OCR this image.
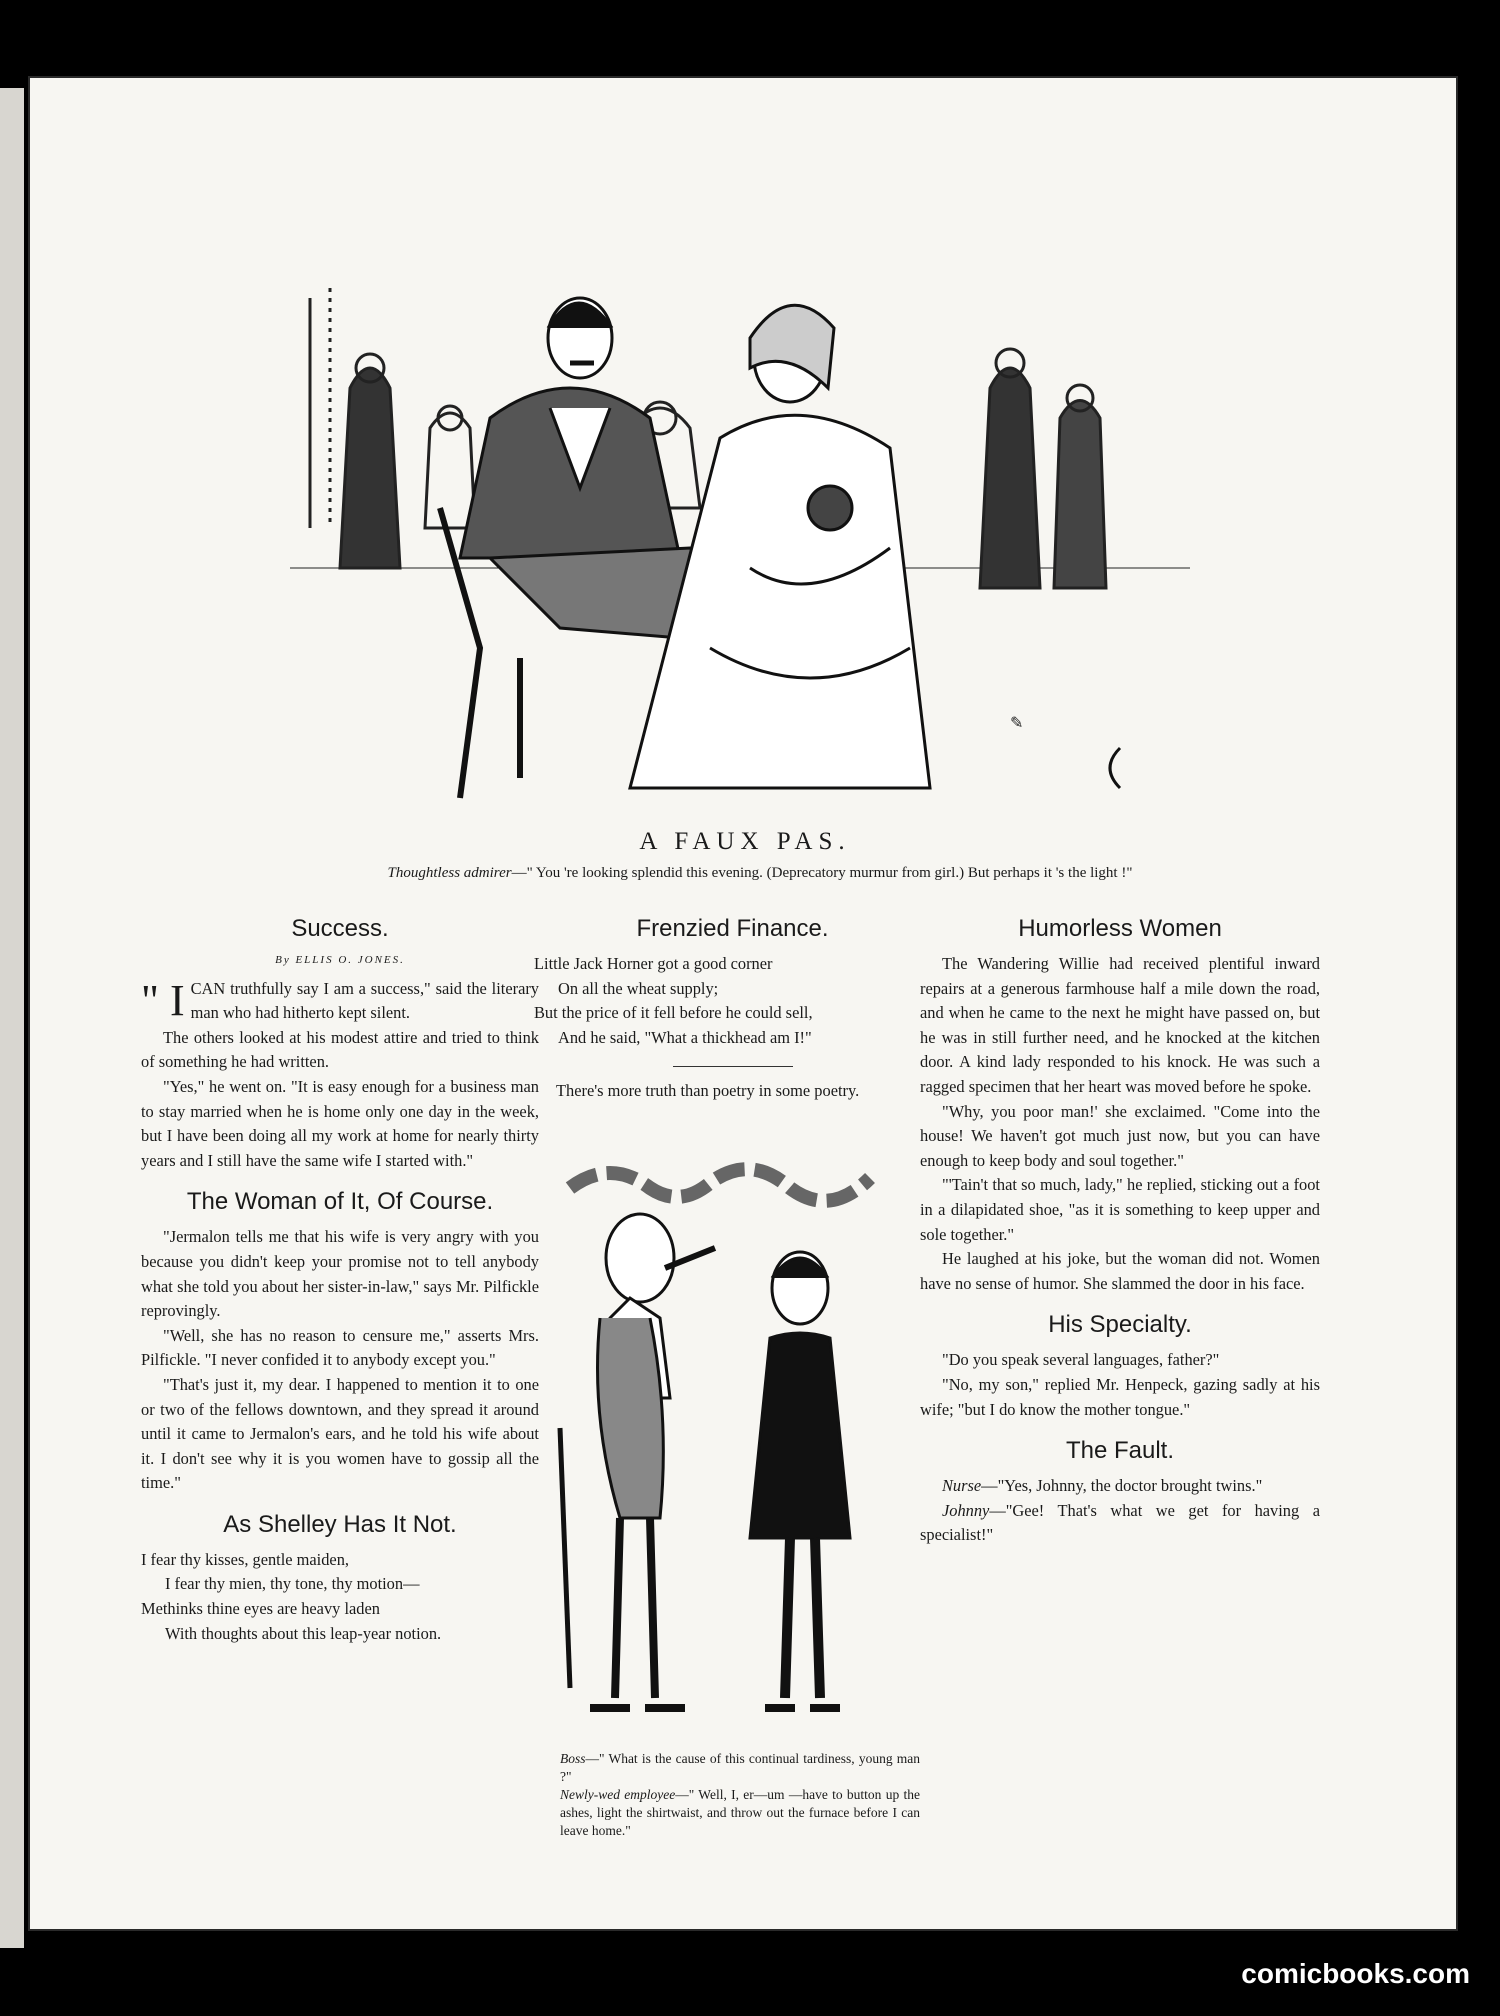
✎
A FAUX PAS.
Thoughtless admirer—" You 're looking splendid this evening. (Deprecatory murmur from girl.) But perhaps it 's the light !"
Success.
By ELLIS O. JONES.

" I CAN truthfully say I am a success," said the literary man who had hitherto kept silent.

The others looked at his modest attire and tried to think of something he had written.

"Yes," he went on. "It is easy enough for a business man to stay married when he is home only one day in the week, but I have been doing all my work at home for nearly thirty years and I still have the same wife I started with."

The Woman of It, Of Course.

"Jermalon tells me that his wife is very angry with you because you didn't keep your promise not to tell anybody what she told you about her sister-in-law," says Mr. Pilfickle reprovingly.

"Well, she has no reason to censure me," asserts Mrs. Pilfickle. "I never confided it to anybody except you."

"That's just it, my dear. I happened to mention it to one or two of the fellows downtown, and they spread it around until it came to Jermalon's ears, and he told his wife about it. I don't see why it is you women have to gossip all the time."

As Shelley Has It Not.

I fear thy kisses, gentle maiden,

I fear thy mien, thy tone, thy motion—

Methinks thine eyes are heavy laden

With thoughts about this leap-year notion.

Frenzied Finance.

Little Jack Horner got a good corner

On all the wheat supply;

But the price of it fell before he could sell,

And he said, "What a thickhead am I!"

There's more truth than poetry in some poetry.

Boss—" What is the cause of this continual tardiness, young man ?"

Newly-wed employee—" Well, I, er—um —have to button up the ashes, light the shirtwaist, and throw out the furnace before I can leave home."

Humorless Women

The Wandering Willie had received plentiful inward repairs at a generous farmhouse half a mile down the road, and when he came to the next he might have passed on, but he was in still further need, and he knocked at the kitchen door. A kind lady responded to his knock. He was such a ragged specimen that her heart was moved before he spoke.

"Why, you poor man!' she exclaimed. "Come into the house! We haven't got much just now, but you can have enough to keep body and soul together."

"'Tain't that so much, lady," he replied, sticking out a foot in a dilapidated shoe, "as it is something to keep upper and sole together."

He laughed at his joke, but the woman did not. Women have no sense of humor. She slammed the door in his face.

His Specialty.

"Do you speak several languages, father?"

"No, my son," replied Mr. Henpeck, gazing sadly at his wife; "but I do know the mother tongue."

The Fault.

Nurse—"Yes, Johnny, the doctor brought twins."

Johnny—"Gee! That's what we get for having a specialist!"

comicbooks.com
